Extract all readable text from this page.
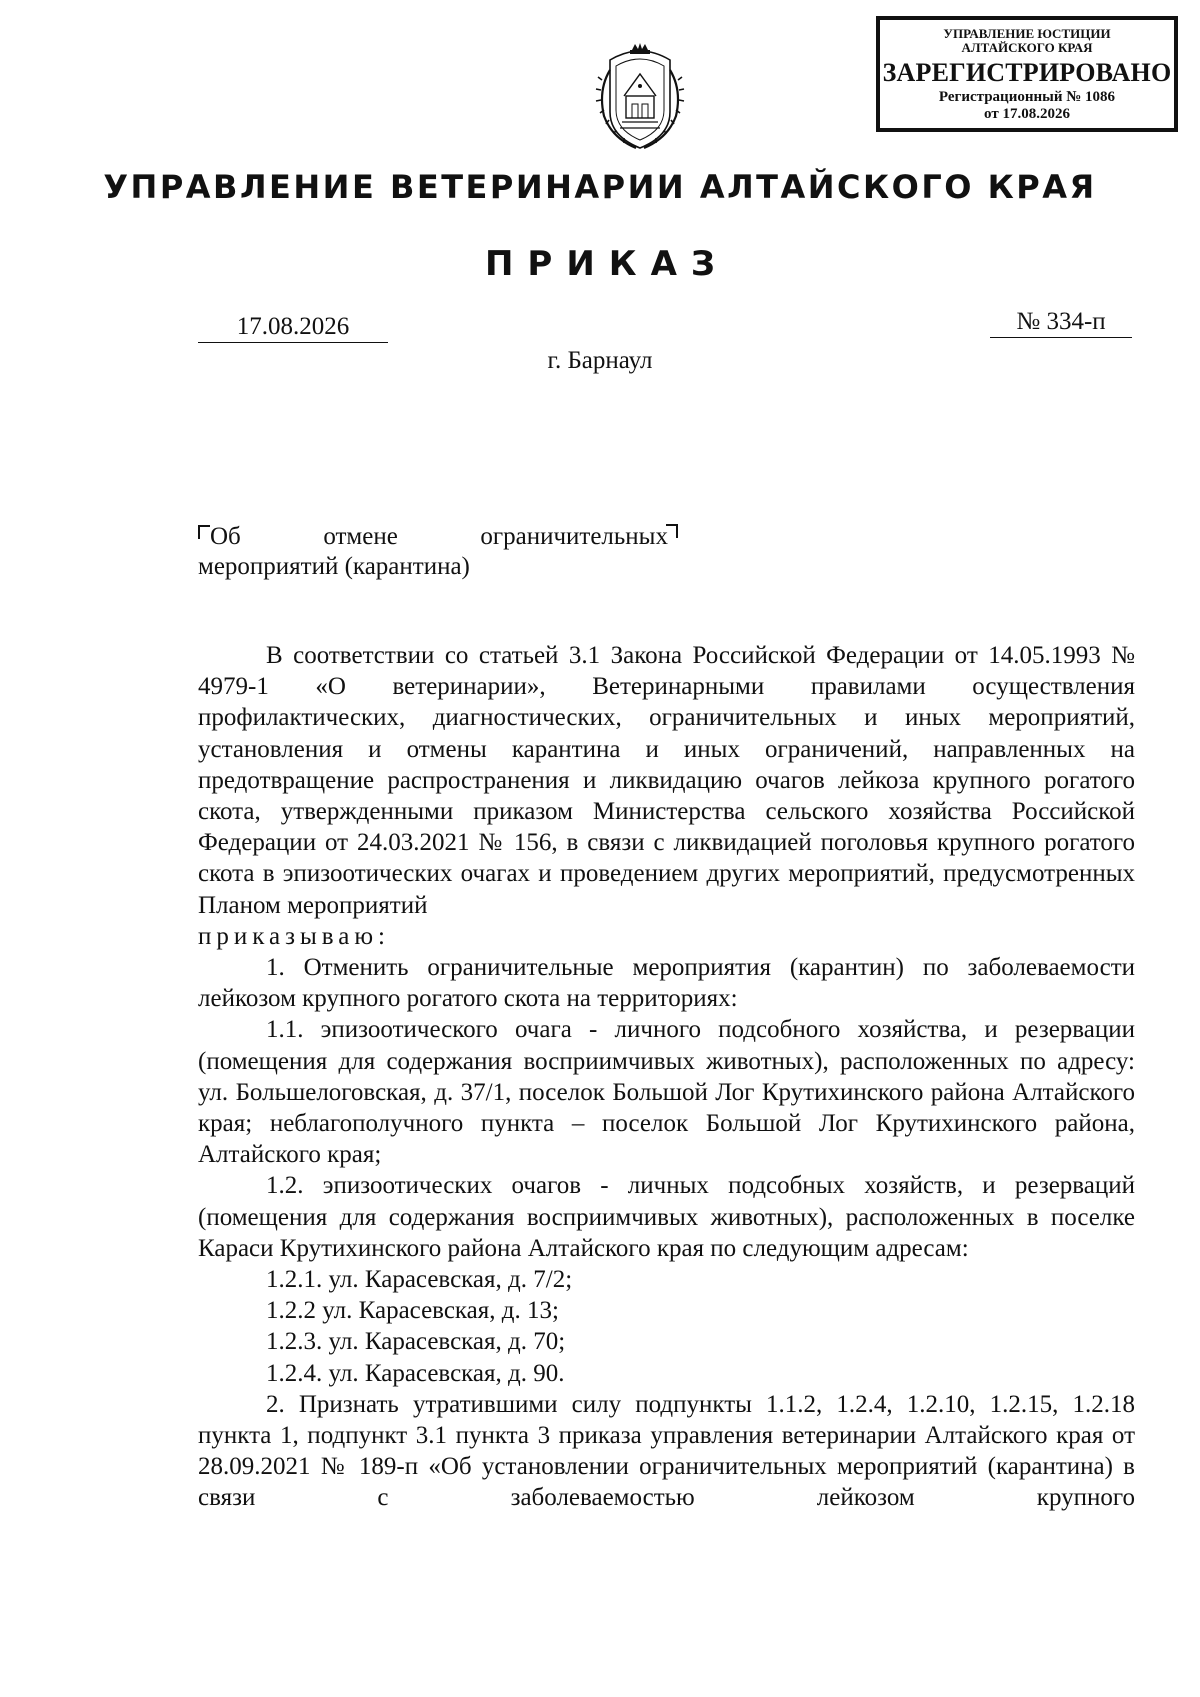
УПРАВЛЕНИЕ ЮСТИЦИИ
АЛТАЙСКОГО КРАЯ
ЗАРЕГИСТРИРОВАНО
Регистрационный № 1086
от 17.08.2026
УПРАВЛЕНИЕ ВЕТЕРИНАРИИ АЛТАЙСКОГО КРАЯ
ПРИКАЗ
17.08.2026	№ 334-п
г. Барнаул
Об	отмене	ограничительных
мероприятий (карантина)

В соответствии со статьей 3.1 Закона Российской Федерации от 14.05.1993 № 4979-1 «О ветеринарии», Ветеринарными правилами осуществления профилактических, диагностических, ограничительных и иных мероприятий, установления и отмены карантина и иных ограничений, направленных на предотвращение распространения и ликвидацию очагов лейкоза крупного рогатого скота, утвержденными приказом Министерства сельского хозяйства Российской Федерации от 24.03.2021 № 156, в связи с ликвидацией поголовья крупного рогатого скота в эпизоотических очагах и проведением других мероприятий, предусмотренных Планом мероприятий

приказываю:

1. Отменить ограничительные мероприятия (карантин) по заболеваемости лейкозом крупного рогатого скота на территориях:

1.1. эпизоотического очага - личного подсобного хозяйства, и резервации (помещения для содержания восприимчивых животных), расположенных по адресу: ул. Большелоговская, д. 37/1, поселок Большой Лог Крутихинского района Алтайского края; неблагополучного пункта – поселок Большой Лог Крутихинского района, Алтайского края;

1.2. эпизоотических очагов - личных подсобных хозяйств, и резерваций (помещения для содержания восприимчивых животных), расположенных в поселке Караси Крутихинского района Алтайского края по следующим адресам:

1.2.1. ул. Карасевская, д. 7/2;

1.2.2 ул. Карасевская, д. 13;

1.2.3. ул. Карасевская, д. 70;

1.2.4. ул. Карасевская, д. 90.

2. Признать утратившими силу подпункты 1.1.2, 1.2.4, 1.2.10, 1.2.15, 1.2.18 пункта 1, подпункт 3.1 пункта 3 приказа управления ветеринарии Алтайского края от 28.09.2021 № 189-п «Об установлении ограничительных мероприятий (карантина) в связи с заболеваемостью лейкозом крупного
